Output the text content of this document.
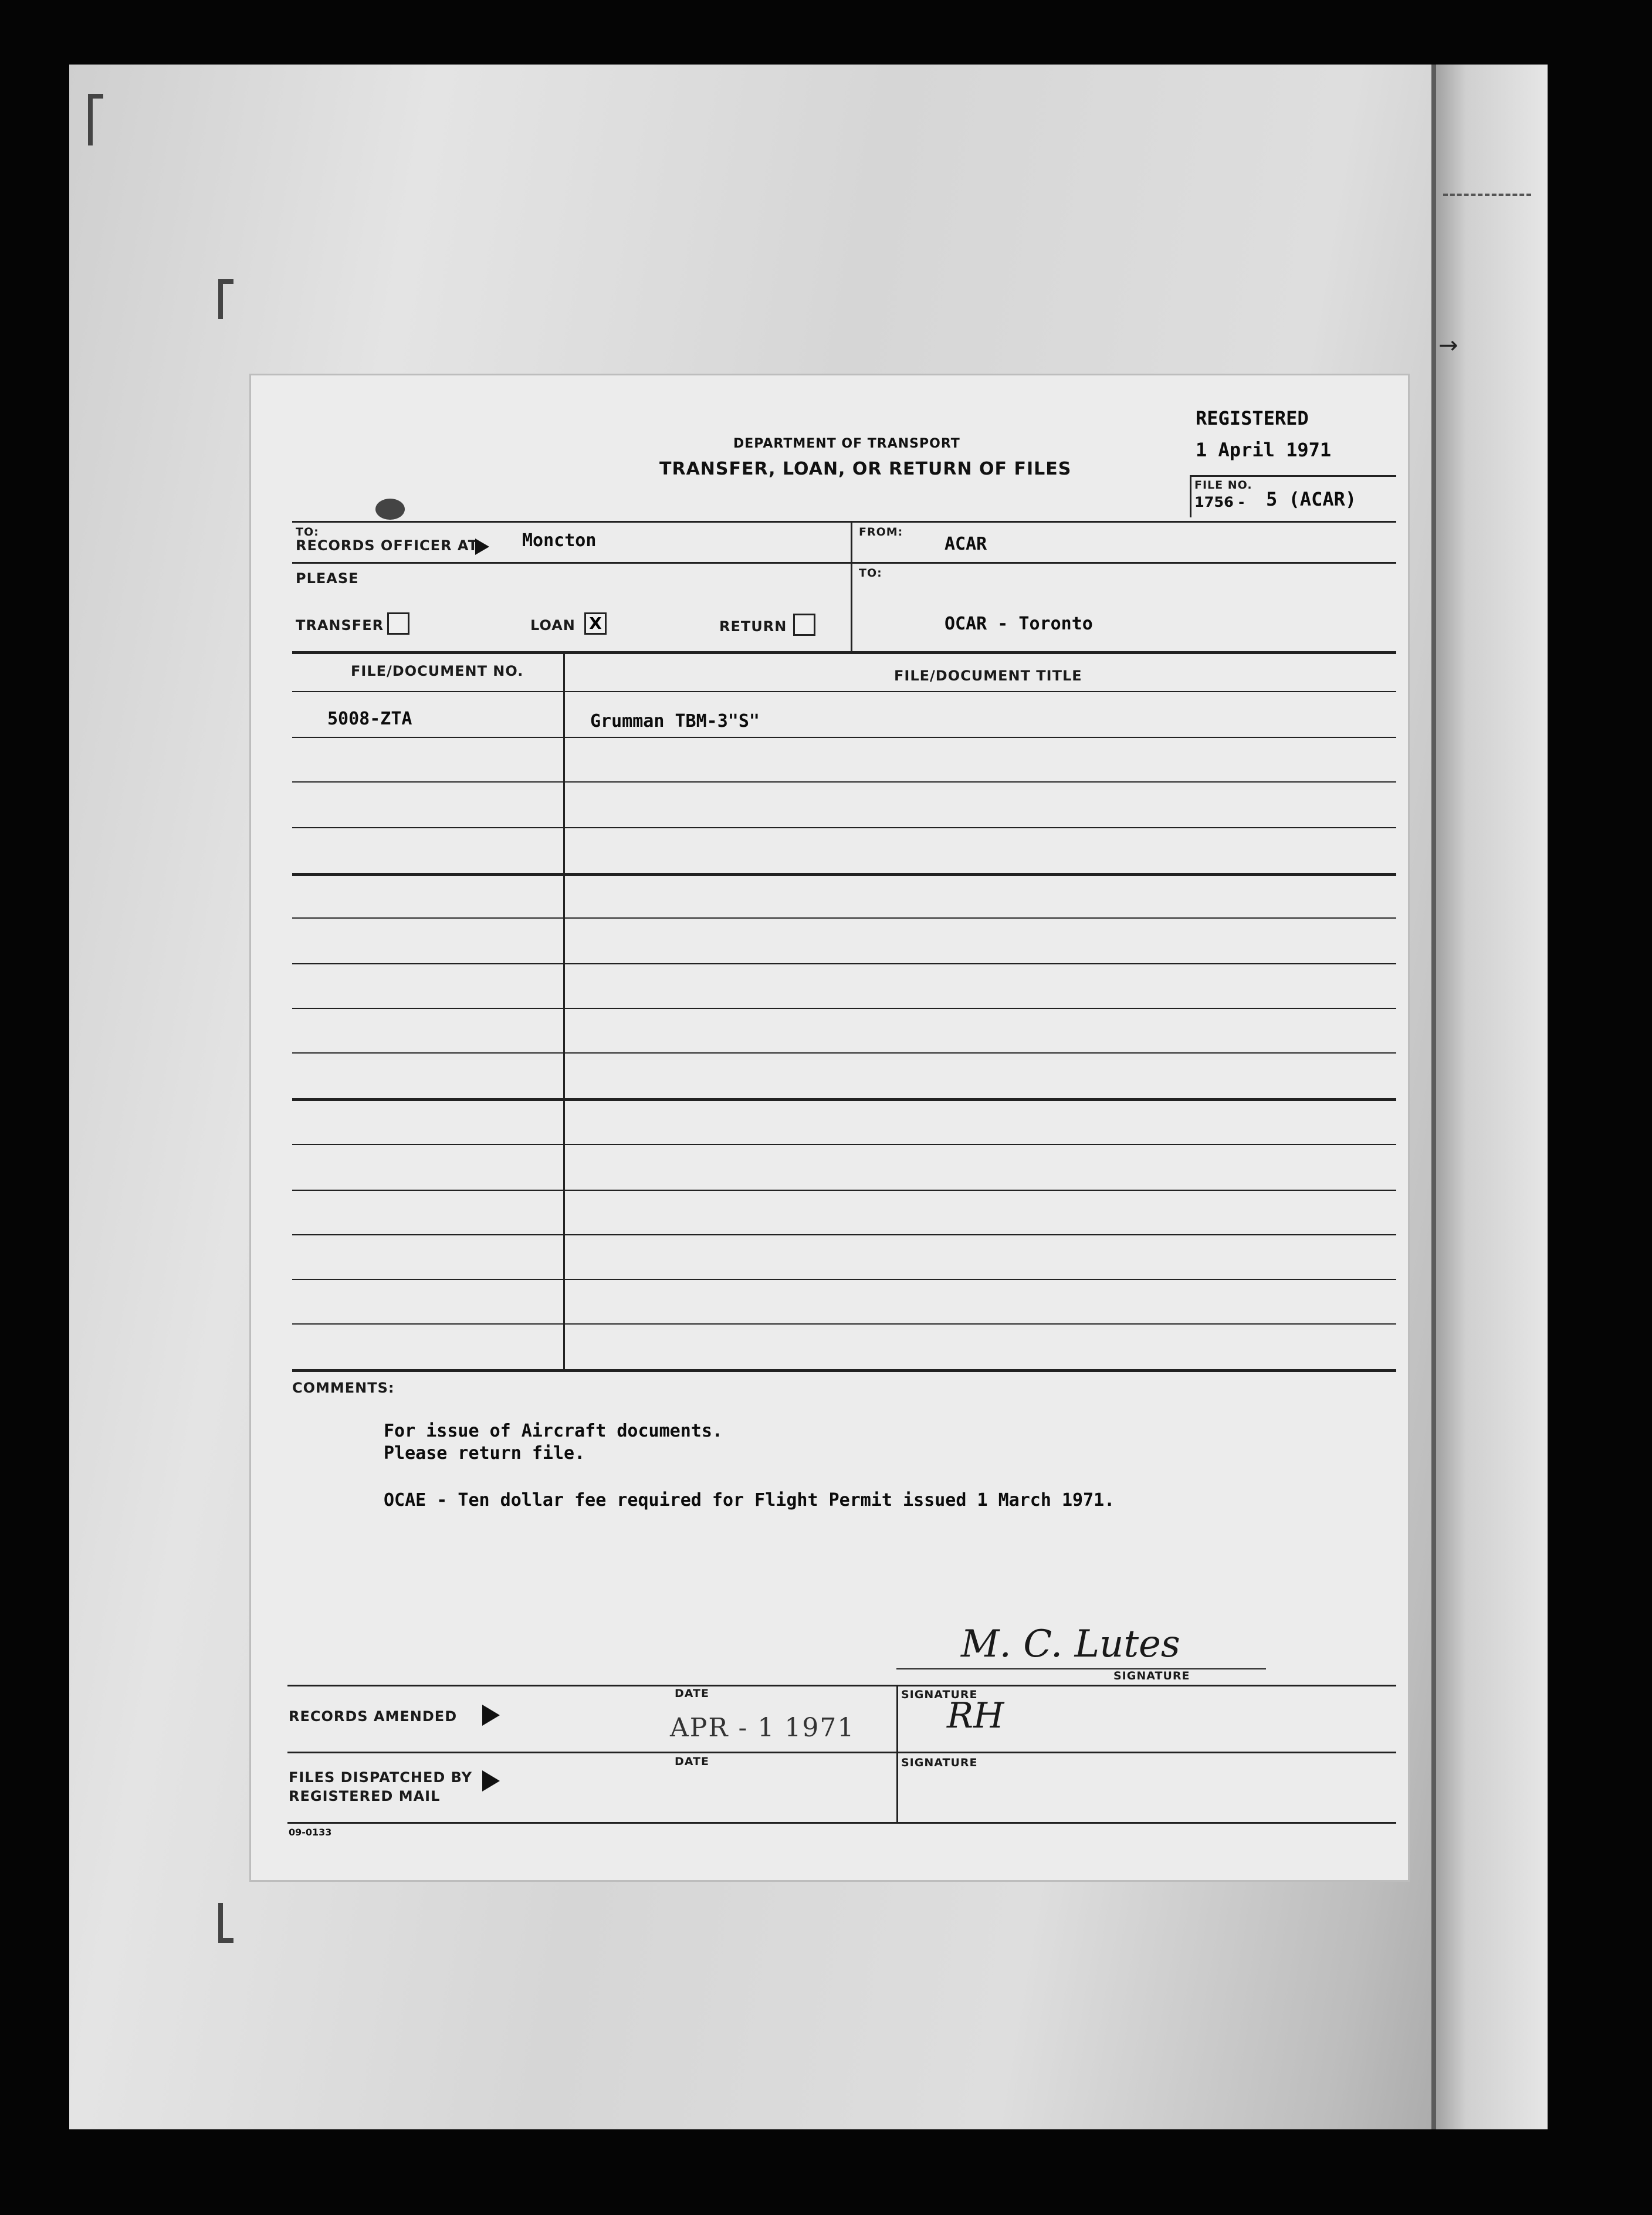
→
DEPARTMENT OF TRANSPORT
TRANSFER, LOAN, OR RETURN OF FILES
REGISTERED
1 April 1971
FILE NO.
1756 - 5 (ACAR)
TO:
RECORDS OFFICER AT	Moncton	FROM:
ACAR
PLEASE	TO:
TRANSFER	LOAN X	RETURN	OCAR - Toronto
FILE/DOCUMENT NO.	FILE/DOCUMENT TITLE
5008-ZTA	Grumman TBM-3"S"
COMMENTS:
For issue of Aircraft documents.
Please return file.
OCAE - Ten dollar fee required for Flight Permit issued 1 March 1971.
M. C. Lutes
SIGNATURE
DATE	SIGNATURE
RECORDS AMENDED	APR - 1 1971	RH
DATE	SIGNATURE
FILES DISPATCHED BY
REGISTERED MAIL
09-0133
